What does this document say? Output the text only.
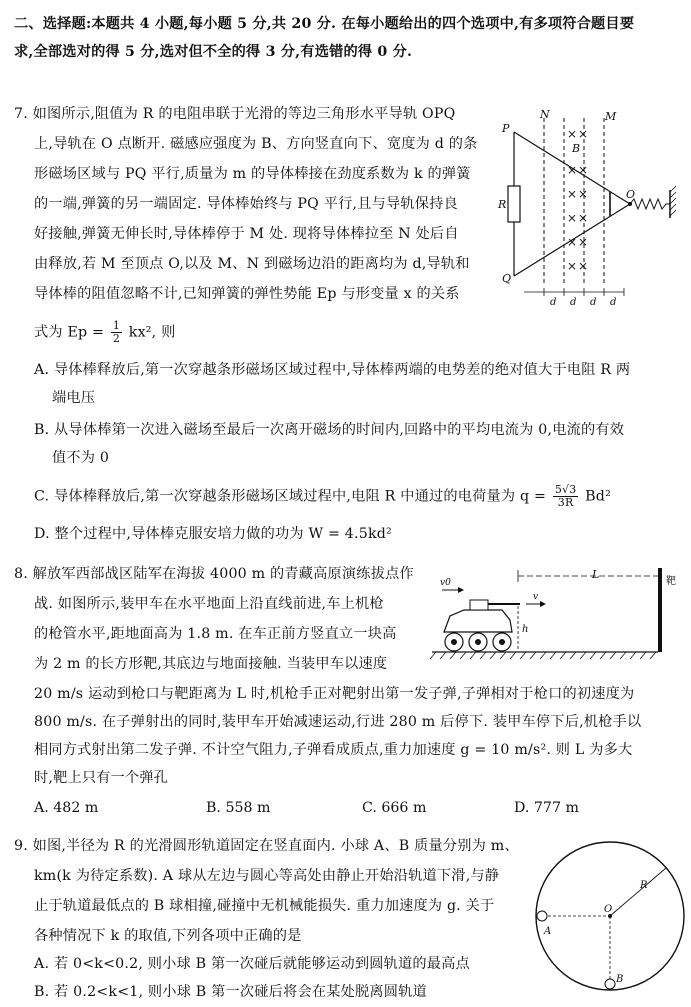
二、选择题:本题共 4 小题,每小题 5 分,共 20 分. 在每小题给出的四个选项中,有多项符合题目要
求,全部选对的得 5 分,选对但不全的得 3 分,有选错的得 0 分.
7. 如图所示,阻值为 R 的电阻串联于光滑的等边三角形水平导轨 OPQ
上,导轨在 O 点断开. 磁感应强度为 B、方向竖直向下、宽度为 d 的条
形磁场区域与 PQ 平行,质量为 m 的导体棒接在劲度系数为 k 的弹簧
的一端,弹簧的另一端固定. 导体棒始终与 PQ 平行,且与导轨保持良
好接触,弹簧无伸长时,导体棒停于 M 处. 现将导体棒拉至 N 处后自
由释放,若 M 至顶点 O,以及 M、N 到磁场边沿的距离均为 d,导轨和
导体棒的阻值忽略不计,已知弹簧的弹性势能 Ep 与形变量 x 的关系
式为 $Ep = \frac{1}{2} kx^2$, 则
A. 导体棒释放后,第一次穿越条形磁场区域过程中,导体棒两端的电势差的绝对值大于电阻 R 两
端电压
B. 从导体棒第一次进入磁场至最后一次离开磁场的时间内,回路中的平均电流为 0,电流的有效
值不为 0
C. 导体棒释放后,第一次穿越条形磁场区域过程中,电阻 R 中通过的电荷量为 $q = \frac{5√3}{3R} Bd^2$
D. 整个过程中,导体棒克服安培力做的功为 W = 4.5kd²
× ×
× ×
× ×
× ×
× ×
× ×
d d d d
P
Q
O
R
N	M
B
8. 解放军西部战区陆军在海拔 4000 m 的青藏高原演练拔点作
战. 如图所示,装甲车在水平地面上沿直线前进,车上机枪
的枪管水平,距地面高为 1.8 m. 在车正前方竖直立一块高
为 2 m 的长方形靶,其底边与地面接触. 当装甲车以速度
20 m/s 运动到枪口与靶距离为 L 时,机枪手正对靶射出第一发子弹,子弹相对于枪口的初速度为
800 m/s. 在子弹射出的同时,装甲车开始减速运动,行进 280 m 后停下. 装甲车停下后,机枪手以
相同方式射出第二发子弹. 不计空气阻力,子弹看成质点,重力加速度 g = 10 m/s². 则 L 为多大
时,靶上只有一个弹孔
A. 482 m	B. 558 m	C. 666 m	D. 777 m
v0
v
h
L
靶
9. 如图,半径为 R 的光滑圆形轨道固定在竖直面内. 小球 A、B 质量分别为 m、
km(k 为待定系数). A 球从左边与圆心等高处由静止开始沿轨道下滑,与静
止于轨道最低点的 B 球相撞,碰撞中无机械能损失. 重力加速度为 g. 关于
各种情况下 k 的取值,下列各项中正确的是
A. 若 0<k<0.2, 则小球 B 第一次碰后就能够运动到圆轨道的最高点
B. 若 0.2<k<1, 则小球 B 第一次碰后将会在某处脱离圆轨道
O
R
A
B
